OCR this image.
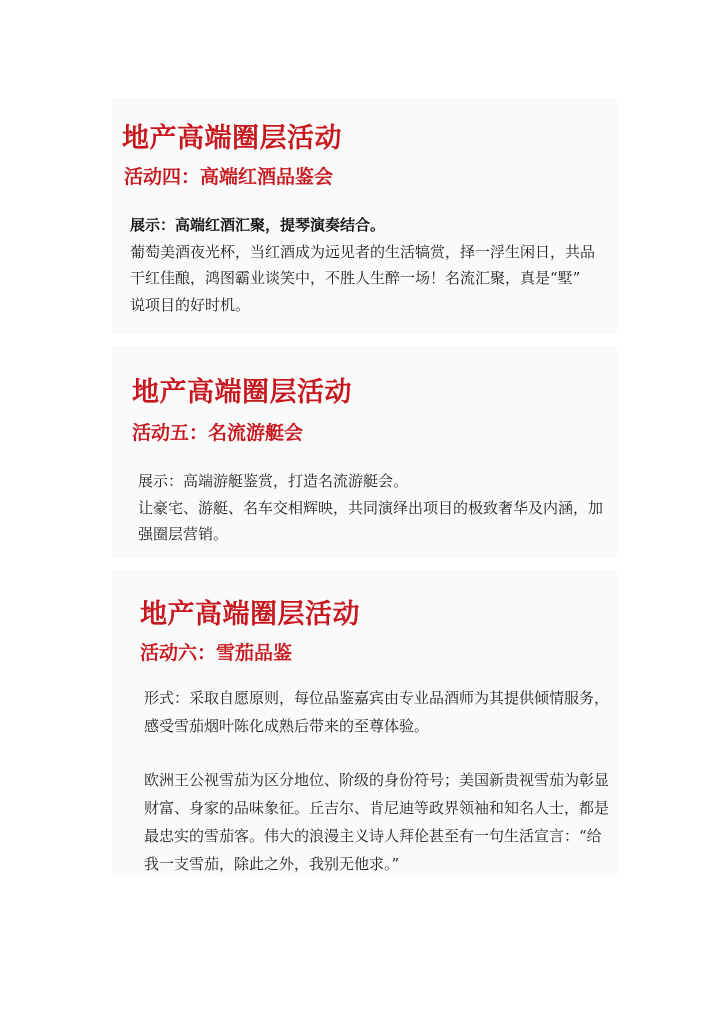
地产高端圈层活动
活动四：高端红酒品鉴会
展示：高端红酒汇聚，提琴演奏结合。
葡萄美酒夜光杯，当红酒成为远见者的生活犒赏，择一浮生闲日，共品
干红佳酿，鸿图霸业谈笑中，不胜人生醉一场！名流汇聚，真是“墅”
说项目的好时机。
地产高端圈层活动
活动五：名流游艇会
展示：高端游艇鉴赏，打造名流游艇会。
让豪宅、游艇、名车交相辉映，共同演绎出项目的极致奢华及内涵，加
强圈层营销。
地产高端圈层活动
活动六：雪茄品鉴
形式：采取自愿原则，每位品鉴嘉宾由专业品酒师为其提供倾情服务，
感受雪茄烟叶陈化成熟后带来的至尊体验。
欧洲王公视雪茄为区分地位、阶级的身份符号；美国新贵视雪茄为彰显
财富、身家的品味象征。丘吉尔、肯尼迪等政界领袖和知名人士，都是
最忠实的雪茄客。伟大的浪漫主义诗人拜伦甚至有一句生活宣言：“给
我一支雪茄，除此之外，我别无他求。”
